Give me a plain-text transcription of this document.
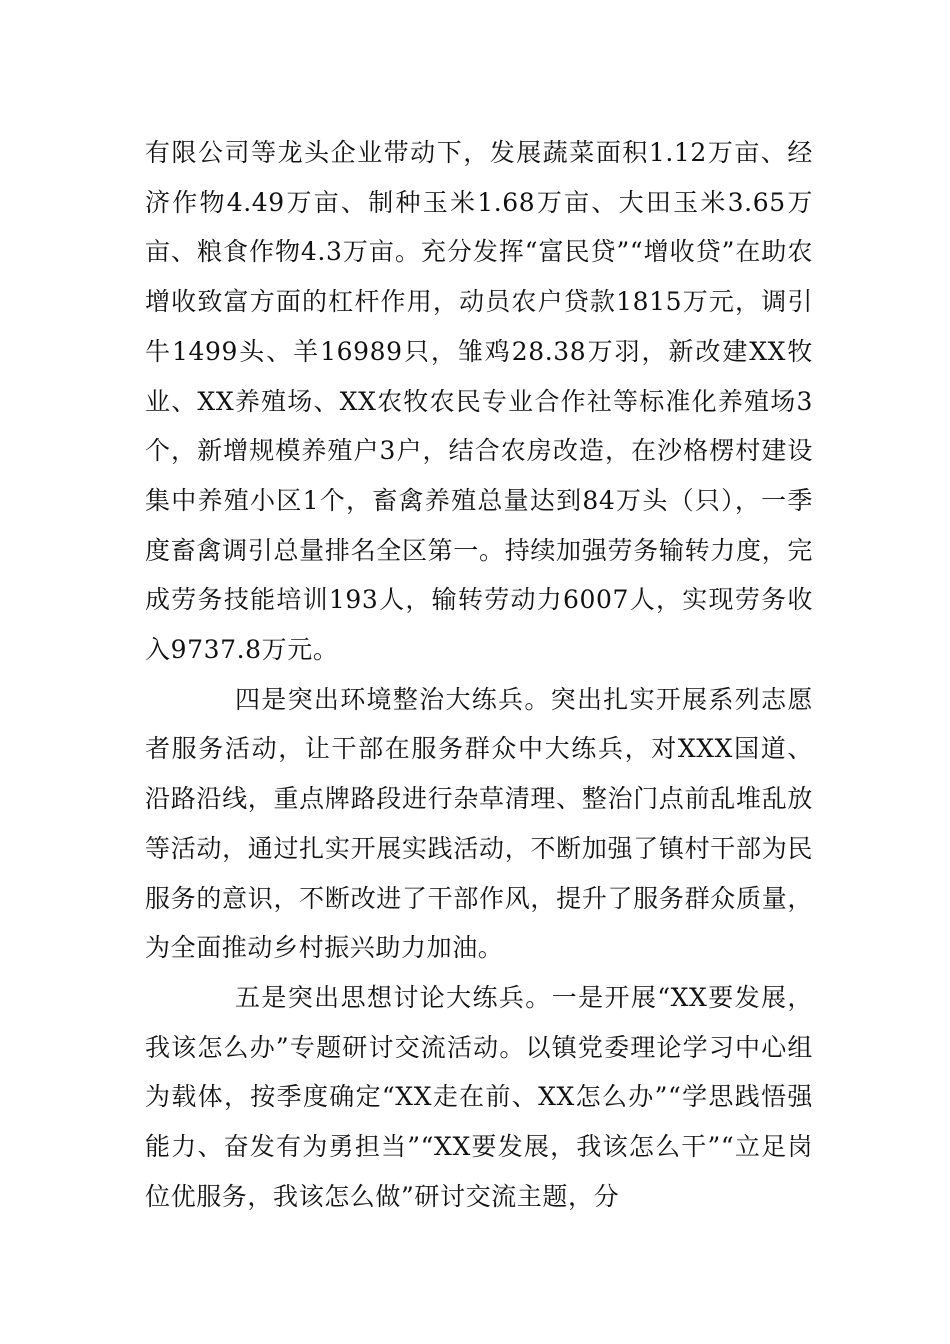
有限公司等龙头企业带动下，发展蔬菜面积1.12万亩、经济作物4.49万亩、制种玉米1.68万亩、大田玉米3.65万亩、粮食作物4.3万亩。充分发挥“富民贷”“增收贷”在助农增收致富方面的杠杆作用，动员农户贷款1815万元，调引牛1499头、羊16989只，雏鸡28.38万羽，新改建XX牧业、XX养殖场、XX农牧农民专业合作社等标准化养殖场3个，新增规模养殖户3户，结合农房改造，在沙格楞村建设集中养殖小区1个，畜禽养殖总量达到84万头（只），一季度畜禽调引总量排名全区第一。持续加强劳务输转力度，完成劳务技能培训193人，输转劳动力6007人，实现劳务收入9737.8万元。

四是突出环境整治大练兵。突出扎实开展系列志愿者服务活动，让干部在服务群众中大练兵，对XXX国道、沿路沿线，重点牌路段进行杂草清理、整治门点前乱堆乱放等活动，通过扎实开展实践活动，不断加强了镇村干部为民服务的意识，不断改进了干部作风，提升了服务群众质量，为全面推动乡村振兴助力加油。

五是突出思想讨论大练兵。一是开展“XX要发展，我该怎么办”专题研讨交流活动。以镇党委理论学习中心组为载体，按季度确定“XX走在前、XX怎么办”“学思践悟强能力、奋发有为勇担当”“XX要发展，我该怎么干”“立足岗位优服务，我该怎么做”研讨交流主题，分
